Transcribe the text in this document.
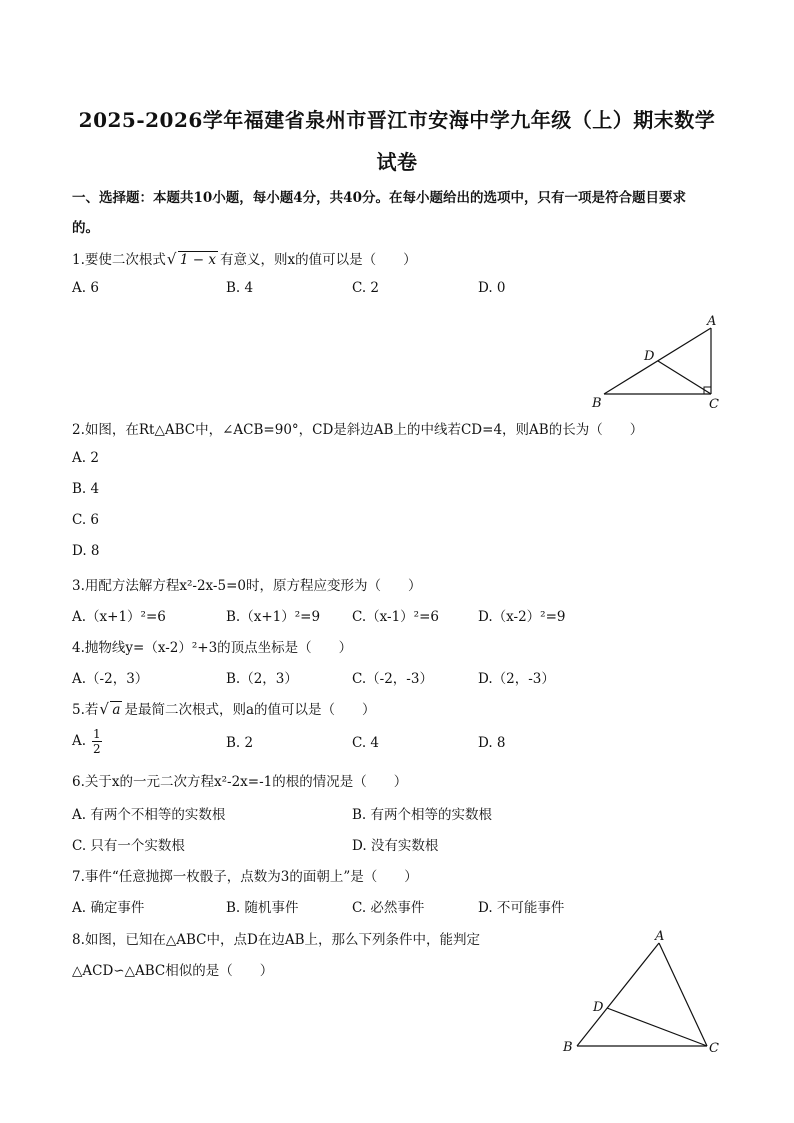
2025-2026学年福建省泉州市晋江市安海中学九年级（上）期末数学
试卷
一、选择题：本题共10小题，每小题4分，共40分。在每小题给出的选项中，只有一项是符合题目要求
的。
1.要使二次根式 √ 1 − x 有意义，则x的值可以是（　　）
A. 6	B. 4	C. 2	D. 0
A
B	C
D
2.如图，在Rt△ABC中，∠ACB=90°，CD是斜边AB上的中线若CD=4，则AB的长为（　　）
A. 2
B. 4
C. 6
D. 8
3.用配方法解方程x²-2x-5=0时，原方程应变形为（　　）
A.（x+1）²=6	B.（x+1）²=9 C.（x-1）²=6	D.（x-2）²=9
4.抛物线y=（x-2）²+3的顶点坐标是（　　）
A.（-2，3）	B.（2，3）	C.（-2，-3）	D.（2，-3）
5.若 √ a 是最简二次根式，则a的值可以是（　　）
A. $\frac{1}{2}$	B. 2	C. 4	D. 8
6.关于x的一元二次方程x²-2x=-1的根的情况是（　　）
A. 有两个不相等的实数根	B. 有两个相等的实数根
C. 只有一个实数根	D. 没有实数根
7.事件“任意抛掷一枚骰子，点数为3的面朝上”是（　　）
A. 确定事件	B. 随机事件	C. 必然事件	D. 不可能事件
8.如图，已知在△ABC中，点D在边AB上，那么下列条件中，能判定
△ACD∽△ABC相似的是（　　）
A
B	C
D
